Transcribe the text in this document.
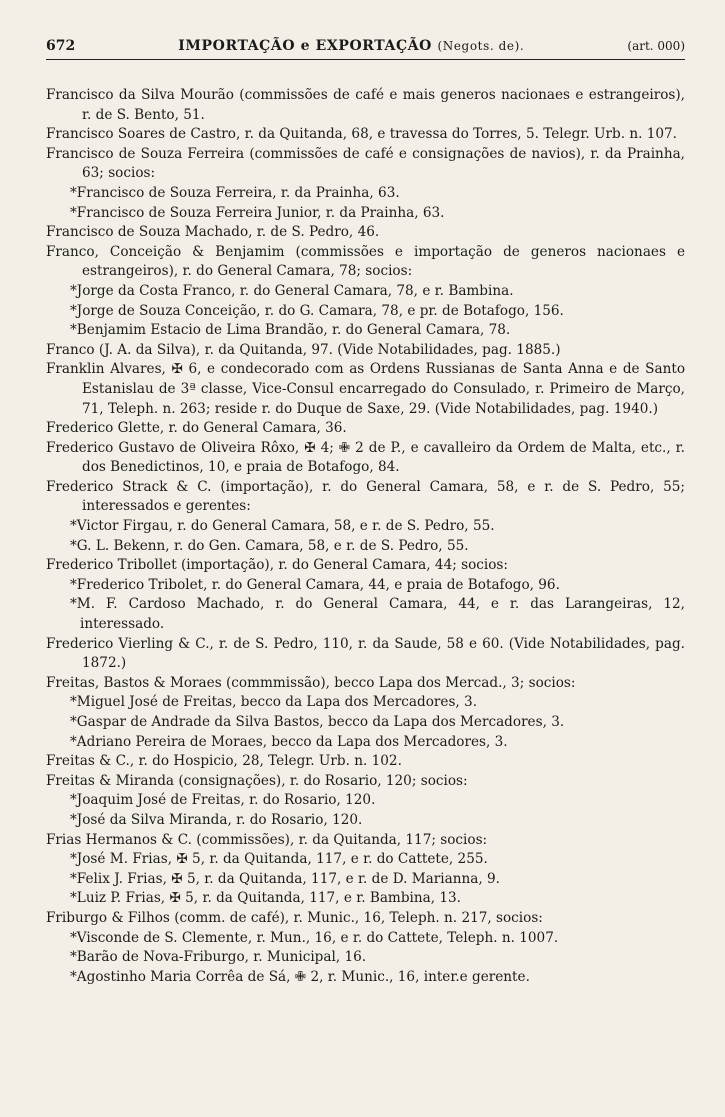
672	IMPORTAÇÃO e EXPORTAÇÃO (Negots. de).	(art. 000)
Francisco da Silva Mourão (commissões de café e mais generos nacionaes e estrangeiros), r. de S. Bento, 51.
Francisco Soares de Castro, r. da Quitanda, 68, e travessa do Torres, 5. Telegr. Urb. n. 107.
Francisco de Souza Ferreira (commissões de café e consignações de navios), r. da Prainha, 63; socios:
*Francisco de Souza Ferreira, r. da Prainha, 63.
*Francisco de Souza Ferreira Junior, r. da Prainha, 63.
Francisco de Souza Machado, r. de S. Pedro, 46.
Franco, Conceição & Benjamim (commissões e importação de generos nacionaes e estrangeiros), r. do General Camara, 78; socios:
*Jorge da Costa Franco, r. do General Camara, 78, e r. Bambina.
*Jorge de Souza Conceição, r. do G. Camara, 78, e pr. de Botafogo, 156.
*Benjamim Estacio de Lima Brandão, r. do General Camara, 78.
Franco (J. A. da Silva), r. da Quitanda, 97. (Vide Notabilidades, pag. 1885.)
Franklin Alvares, ✠ 6, e condecorado com as Ordens Russianas de Santa Anna e de Santo Estanislau de 3ª classe, Vice-Consul encarregado do Consulado, r. Primeiro de Março, 71, Teleph. n. 263; reside r. do Duque de Saxe, 29. (Vide Notabilidades, pag. 1940.)
Frederico Glette, r. do General Camara, 36.
Frederico Gustavo de Oliveira Rôxo, ✠ 4; ✙ 2 de P., e cavalleiro da Ordem de Malta, etc., r. dos Benedictinos, 10, e praia de Botafogo, 84.
Frederico Strack & C. (importação), r. do General Camara, 58, e r. de S. Pedro, 55; interessados e gerentes:
*Victor Firgau, r. do General Camara, 58, e r. de S. Pedro, 55.
*G. L. Bekenn, r. do Gen. Camara, 58, e r. de S. Pedro, 55.
Frederico Tribollet (importação), r. do General Camara, 44; socios:
*Frederico Tribolet, r. do General Camara, 44, e praia de Botafogo, 96.
*M. F. Cardoso Machado, r. do General Camara, 44, e r. das Larangeiras, 12, interessado.
Frederico Vierling & C., r. de S. Pedro, 110, r. da Saude, 58 e 60. (Vide Notabilidades, pag. 1872.)
Freitas, Bastos & Moraes (commmissão), becco Lapa dos Mercad., 3; socios:
*Miguel José de Freitas, becco da Lapa dos Mercadores, 3.
*Gaspar de Andrade da Silva Bastos, becco da Lapa dos Mercadores, 3.
*Adriano Pereira de Moraes, becco da Lapa dos Mercadores, 3.
Freitas & C., r. do Hospicio, 28, Telegr. Urb. n. 102.
Freitas & Miranda (consignações), r. do Rosario, 120; socios:
*Joaquim José de Freitas, r. do Rosario, 120.
*José da Silva Miranda, r. do Rosario, 120.
Frias Hermanos & C. (commissões), r. da Quitanda, 117; socios:
*José M. Frias, ✠ 5, r. da Quitanda, 117, e r. do Cattete, 255.
*Felix J. Frias, ✠ 5, r. da Quitanda, 117, e r. de D. Marianna, 9.
*Luiz P. Frias, ✠ 5, r. da Quitanda, 117, e r. Bambina, 13.
Friburgo & Filhos (comm. de café), r. Munic., 16, Teleph. n. 217, socios:
*Visconde de S. Clemente, r. Mun., 16, e r. do Cattete, Teleph. n. 1007.
*Barão de Nova-Friburgo, r. Municipal, 16.
*Agostinho Maria Corrêa de Sá, ✙ 2, r. Munic., 16, inter.e gerente.
